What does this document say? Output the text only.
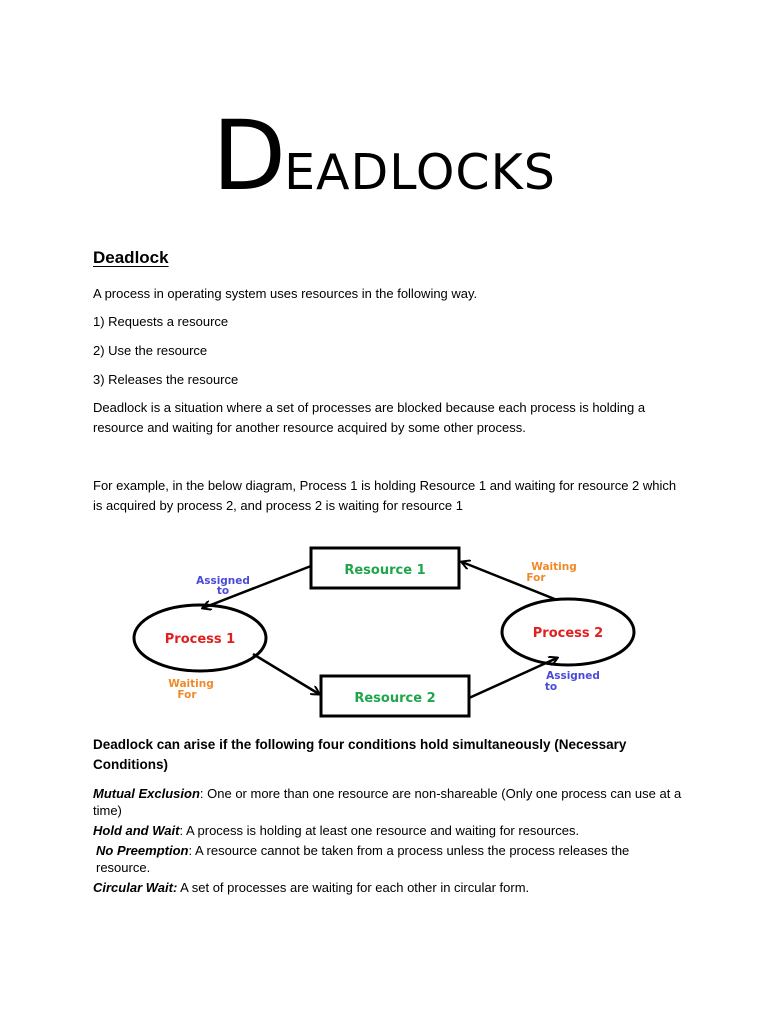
DEADLOCKS
Deadlock
A process in operating system uses resources in the following way.
1) Requests a resource
2) Use the resource
3) Releases the resource
Deadlock is a situation where a set of processes are blocked because each process is holding a resource and waiting for another resource acquired by some other process.
For example, in the below diagram, Process 1 is holding Resource 1 and waiting for resource 2 which is acquired by process 2, and process 2 is waiting for resource 1
Resource 1
Resource 2
Process 1	Process 2
Assigned
to
Waiting
For
Waiting
For
Assigned
to
Deadlock can arise if the following four conditions hold simultaneously (Necessary Conditions)

Mutual Exclusion: One or more than one resource are non-shareable (Only one process can use at a time)

Hold and Wait: A process is holding at least one resource and waiting for resources.

No Preemption: A resource cannot be taken from a process unless the process releases the resource.

Circular Wait: A set of processes are waiting for each other in circular form.
